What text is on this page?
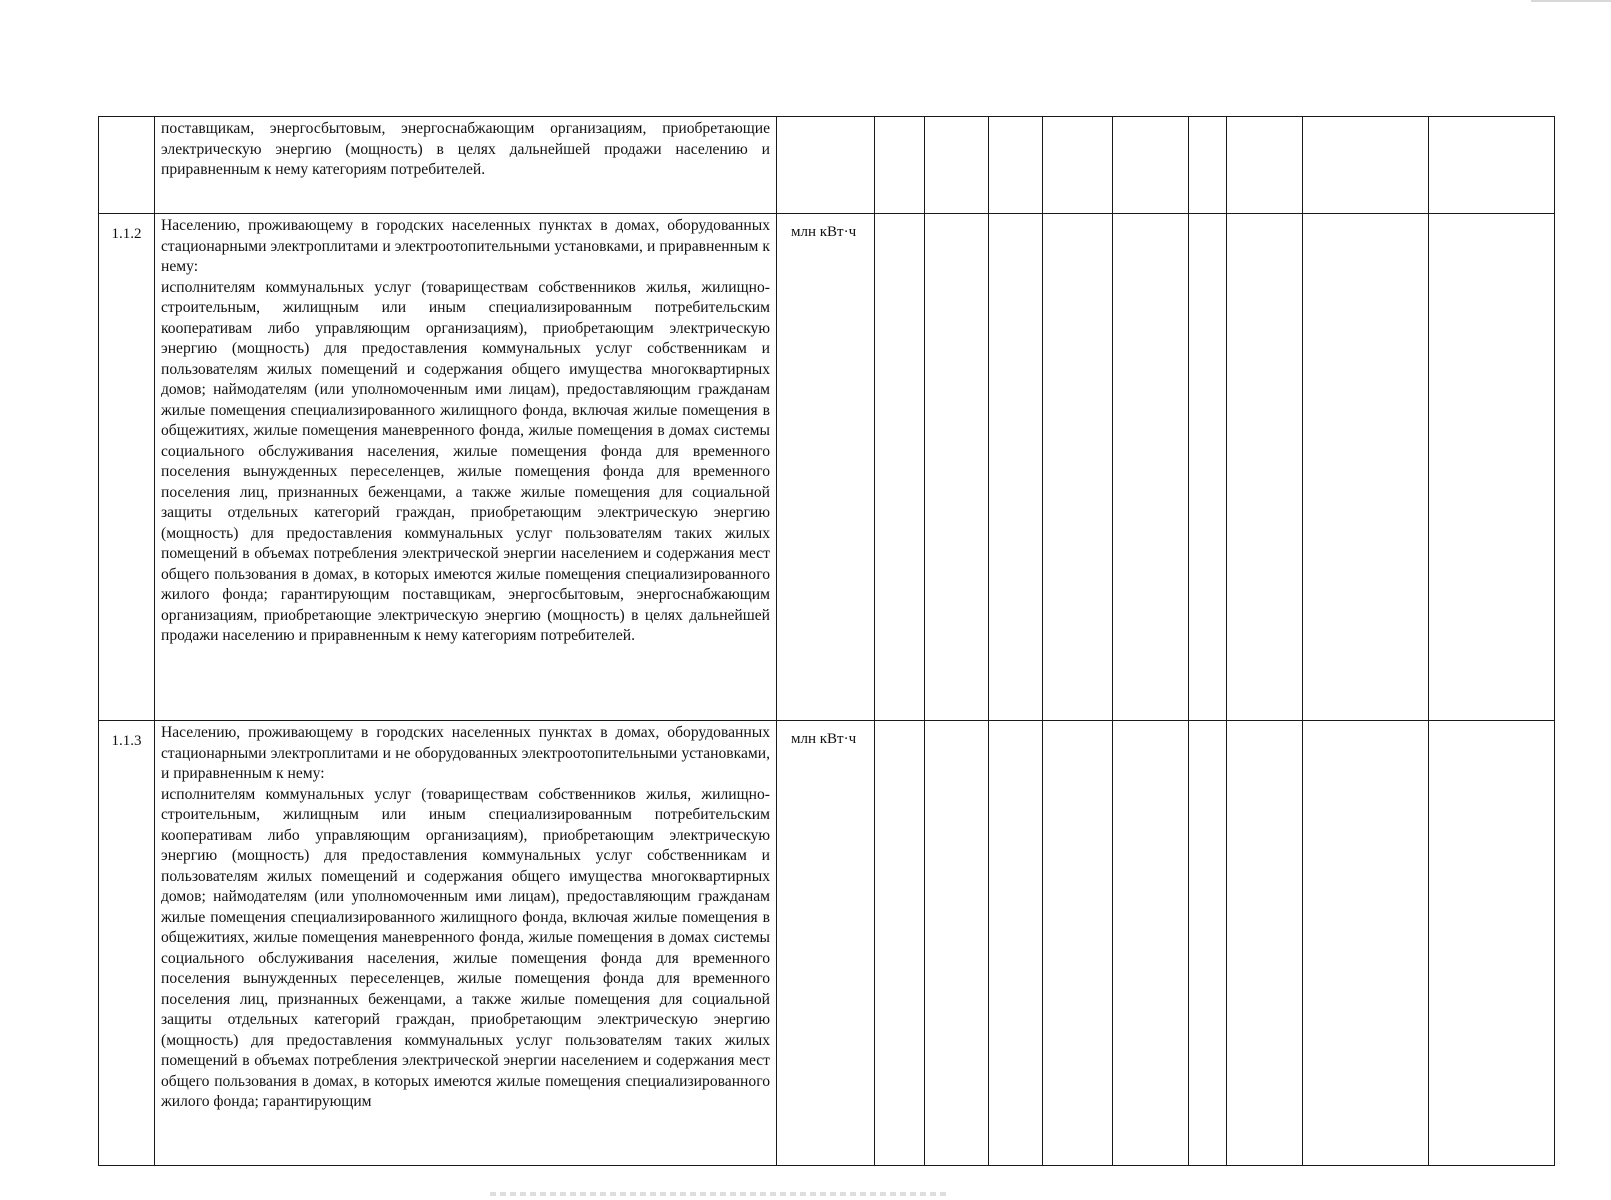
	поставщикам, энергосбытовым, энергоснабжающим организациям, приобретающие электрическую энергию (мощность) в целях дальнейшей продажи населению и приравненным к нему категориям потребителей.										

1.1.2	Населению, проживающему в городских населенных пунктах в домах, оборудованных стационарными электроплитами и электроотопительными установками, и приравненным к нему:

исполнителям коммунальных услуг (товариществам собственников жилья, жилищно-строительным, жилищным или иным специализированным потребительским кооперативам либо управляющим организациям), приобретающим электрическую энергию (мощность) для предоставления коммунальных услуг собственникам и пользователям жилых помещений и содержания общего имущества многоквартирных домов; наймодателям (или уполномоченным ими лицам), предоставляющим гражданам жилые помещения специализированного жилищного фонда, включая жилые помещения в общежитиях, жилые помещения маневренного фонда, жилые помещения в домах системы социального обслуживания населения, жилые помещения фонда для временного поселения вынужденных переселенцев, жилые помещения фонда для временного поселения лиц, признанных беженцами, а также жилые помещения для социальной защиты отдельных категорий граждан, приобретающим электрическую энергию (мощность) для предоставления коммунальных услуг пользователям таких жилых помещений в объемах потребления электрической энергии населением и содержания мест общего пользования в домах, в которых имеются жилые помещения специализированного жилого фонда; гарантирующим поставщикам, энергосбытовым, энергоснабжающим организациям, приобретающие электрическую энергию (мощность) в целях дальнейшей продажи населению и приравненным к нему категориям потребителей.	млн кВт·ч									
1.1.3	Населению, проживающему в городских населенных пунктах в домах, оборудованных стационарными электроплитами и не оборудованных электроотопительными установками, и приравненным к нему:

исполнителям коммунальных услуг (товариществам собственников жилья, жилищно-строительным, жилищным или иным специализированным потребительским кооперативам либо управляющим организациям), приобретающим электрическую энергию (мощность) для предоставления коммунальных услуг собственникам и пользователям жилых помещений и содержания общего имущества многоквартирных домов; наймодателям (или уполномоченным ими лицам), предоставляющим гражданам жилые помещения специализированного жилищного фонда, включая жилые помещения в общежитиях, жилые помещения маневренного фонда, жилые помещения в домах системы социального обслуживания населения, жилые помещения фонда для временного поселения вынужденных переселенцев, жилые помещения фонда для временного поселения лиц, признанных беженцами, а также жилые помещения для социальной защиты отдельных категорий граждан, приобретающим электрическую энергию (мощность) для предоставления коммунальных услуг пользователям таких жилых помещений в объемах потребления электрической энергии населением и содержания мест общего пользования в домах, в которых имеются жилые помещения специализированного жилого фонда; гарантирующим	млн кВт·ч									
